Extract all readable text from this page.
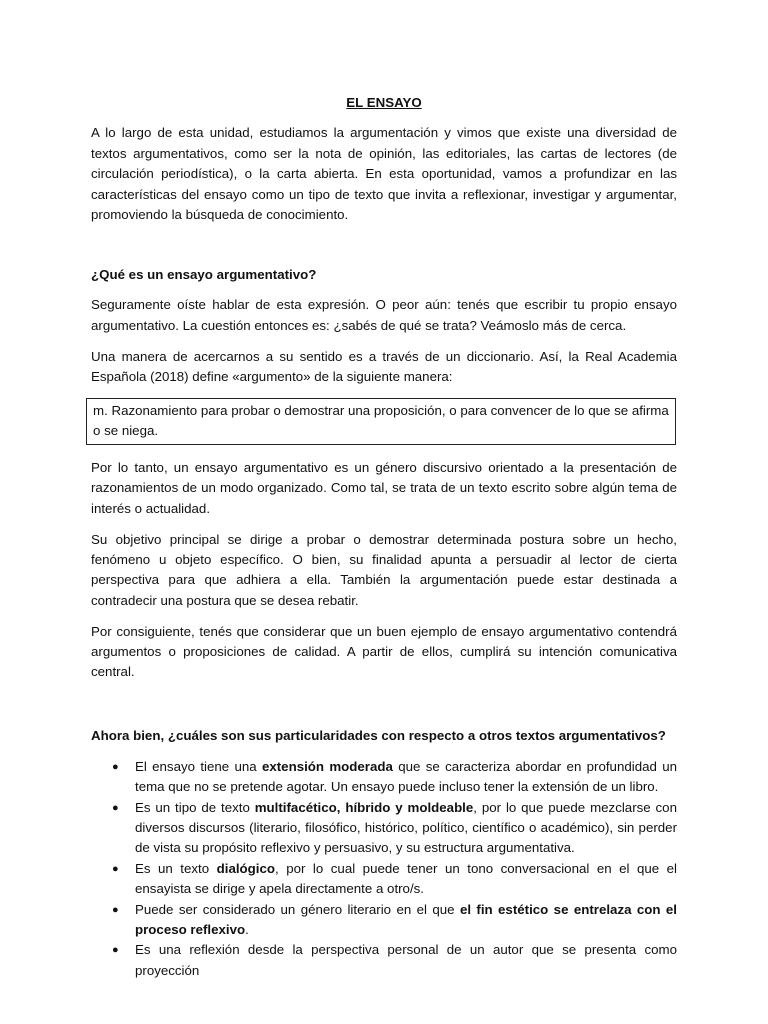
EL ENSAYO

A lo largo de esta unidad, estudiamos la argumentación y vimos que existe una diversidad de textos argumentativos, como ser la nota de opinión, las editoriales, las cartas de lectores (de circulación periodística), o la carta abierta. En esta oportunidad, vamos a profundizar en las características del ensayo como un tipo de texto que invita a reflexionar, investigar y argumentar, promoviendo la búsqueda de conocimiento.

¿Qué es un ensayo argumentativo?

Seguramente oíste hablar de esta expresión. O peor aún: tenés que escribir tu propio ensayo argumentativo. La cuestión entonces es: ¿sabés de qué se trata? Veámoslo más de cerca.

Una manera de acercarnos a su sentido es a través de un diccionario. Así, la Real Academia Española (2018) define «argumento» de la siguiente manera:

m. Razonamiento para probar o demostrar una proposición, o para convencer de lo que se afirma o se niega.

Por lo tanto, un ensayo argumentativo es un género discursivo orientado a la presentación de razonamientos de un modo organizado. Como tal, se trata de un texto escrito sobre algún tema de interés o actualidad.

Su objetivo principal se dirige a probar o demostrar determinada postura sobre un hecho, fenómeno u objeto específico. O bien, su finalidad apunta a persuadir al lector de cierta perspectiva para que adhiera a ella. También la argumentación puede estar destinada a contradecir una postura que se desea rebatir.

Por consiguiente, tenés que considerar que un buen ejemplo de ensayo argumentativo contendrá argumentos o proposiciones de calidad. A partir de ellos, cumplirá su intención comunicativa central.

Ahora bien, ¿cuáles son sus particularidades con respecto a otros textos argumentativos?
● El ensayo tiene una extensión moderada que se caracteriza abordar en profundidad un tema que no se pretende agotar. Un ensayo puede incluso tener la extensión de un libro.
● Es un tipo de texto multifacético, híbrido y moldeable, por lo que puede mezclarse con diversos discursos (literario, filosófico, histórico, político, científico o académico), sin perder de vista su propósito reflexivo y persuasivo, y su estructura argumentativa.
● Es un texto dialógico, por lo cual puede tener un tono conversacional en el que el ensayista se dirige y apela directamente a otro/s.
● Puede ser considerado un género literario en el que el fin estético se entrelaza con el proceso reflexivo.
● Es una reflexión desde la perspectiva personal de un autor que se presenta como proyección
